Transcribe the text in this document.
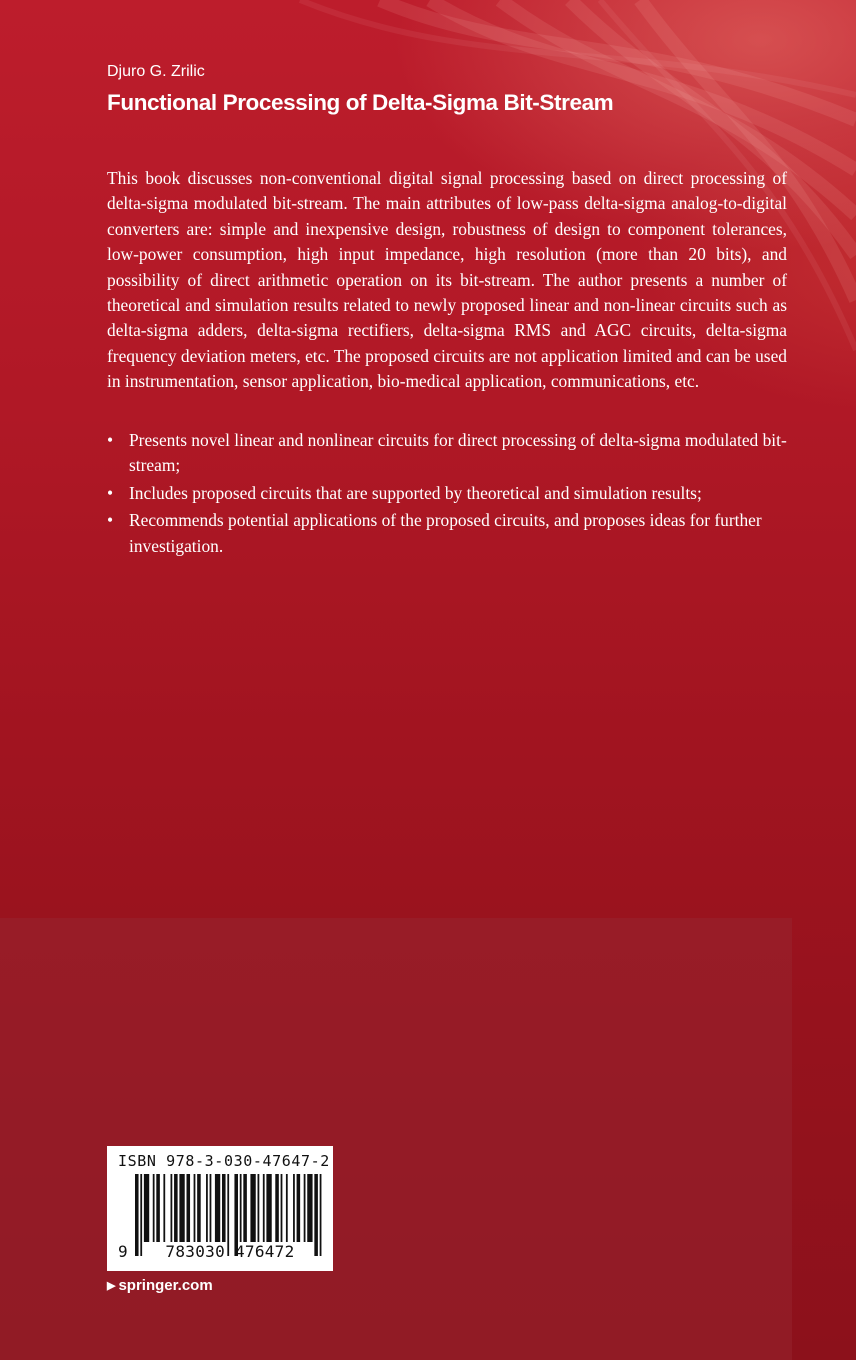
Djuro G. Zrilic
Functional Processing of Delta-Sigma Bit-Stream

This book discusses non-conventional digital signal processing based on direct processing of delta-sigma modulated bit-stream. The main attributes of low-pass delta-sigma analog-to-digital converters are: simple and inexpensive design, robustness of design to component tolerances, low-power consumption, high input impedance, high resolution (more than 20 bits), and possibility of direct arithmetic operation on its bit-stream. The author presents a number of theoretical and simulation results related to newly proposed linear and non-linear circuits such as delta-sigma adders, delta-sigma rectifiers, delta-sigma RMS and AGC circuits, delta-sigma frequency deviation meters, etc. The proposed circuits are not application limited and can be used in instrumentation, sensor application, bio-medical application, communications, etc.

• Presents novel linear and nonlinear circuits for direct processing of delta-sigma modulated bit-stream;
• Includes proposed circuits that are supported by theoretical and simulation results;
• Recommends potential applications of the proposed circuits, and proposes ideas for further investigation.
ISBN 978-3-030-47647-2
9	783030 476472
▶ springer.com
